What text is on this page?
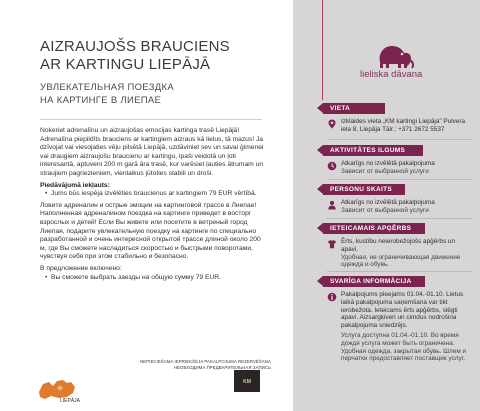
AIZRAUJOŠS BRAUCIENS
AR KARTINGU LIEPĀJĀ
УВЛЕКАТЕЛЬНАЯ ПОЕЗДКА
НА КАРТИНГЕ В ЛИЕПАЕ

Nokeriet adrenalīnu un aizraujošas emocijas kartinga trasē Liepājā! Adrenalīna piepildīts brauciens ar kartingiem aizraus kā lielus, tā mazus! Ja dzīvojat vai viesojaties vēju pilsētā Liepājā, uzdāviniet sev un savai ģimenei vai draugiem aizraujošu braucienu ar kartingu, ipaši veidotā un ļoti interesantā, aptuveni 200 m garā āra trasē, kur varēsiet ļauties ātrumam un straujiem pagriezieniem, vienlaikus jūtoties stabili un droši.

Piedāvājumā iekļauts:

• Jums būs iespēja izvēlēties braucienus ar kartingiem 79 EUR vērtībā.

Ловите адреналин и острые эмоции на картинговой трассе в Лиепае! Наполненная адреналином поездка на картинге приведет в восторг взрослых и детей! Если Вы живете или посетите в ветреный город Лиепая, подарите увлекательную поездку на картинге по специально разработанной и очень интересной открытой трассе длиной около 200 м, где Вы сможете насладиться скоростью и быстрыми поворотами, чувствуя себя при этом стабильно и безопасно.

В предложение включено:

• Вы сможете выбрать заезды на общую сумму 79 EUR.
NEPIECIEŠAMA IEPRIEKŠĒJA PAKALPOJUMA REZERVĒŠANA
НЕОБХОДИМА ПРЕДВАРИТЕЛЬНАЯ ЗАПИСЬ
LIEPĀJA
KM
lieliska dāvana
VIETA
Izklaides vieta „KM kartingi Liepāja" Pulvera iela 8, Liepāja Tālr.: +371 2672 5537
AKTIVITĀTES ILGUMS
Atkarīgs no izvēlētā pakalpojuma
Зависит от выбранной услуги
PERSONU SKAITS
Atkarīgs no izvēlētā pakalpojuma
Зависит от выбранной услуги
IETEICAMAIS APĢĒRBS
Ērts, kustību neierobežojošs apģērbs un apavi.
Удобная, не ограничивающая движение одежда и обувь.
SVARĪGA INFORMĀCIJA
Pakalpojums pieejams 01.04.-01.10. Lietus laikā pakalpojuma saņemšana var tikt ierobežota. Ieteicams ērts apģērbs, slēgti apavi. Aizsargķiveri un cimdus nodrošina pakalpojuma sniedzējs.
Услуга доступна 01.04.-01.10. Во время дождя услуга может быть ограничена. Удобная одежда, закрытая обувь. Шлем и перчатки предоставляет поставщик услуг.
